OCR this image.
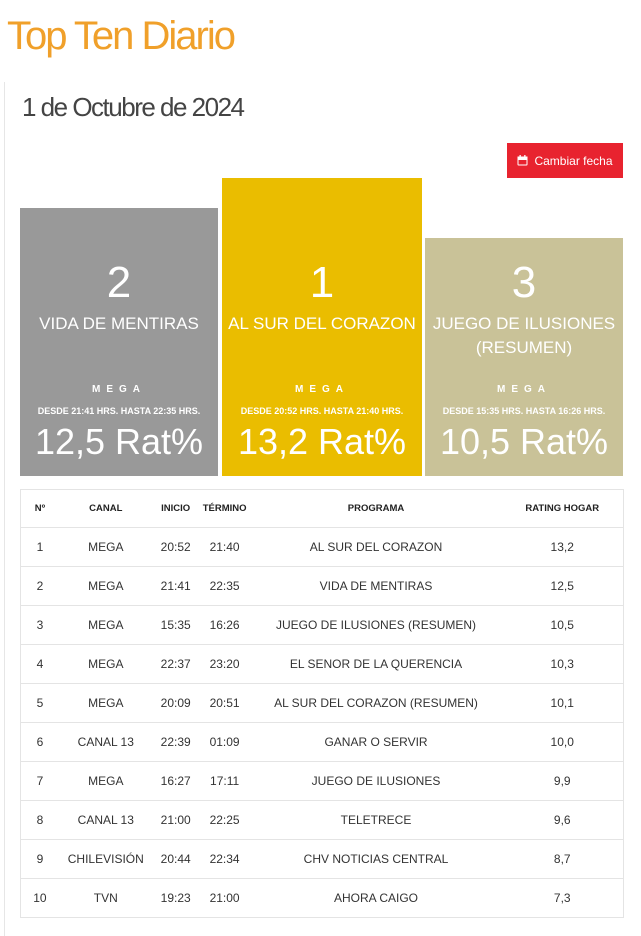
Top Ten Diario
1 de Octubre de 2024
Cambiar fecha
2
VIDA DE MENTIRAS
MEGA
DESDE 21:41 HRS. HASTA 22:35 HRS.
12,5 Rat%
1
AL SUR DEL CORAZON
MEGA
DESDE 20:52 HRS. HASTA 21:40 HRS.
13,2 Rat%
3
JUEGO DE ILUSIONES (RESUMEN)
MEGA
DESDE 15:35 HRS. HASTA 16:26 HRS.
10,5 Rat%
Nº	CANAL	INICIO	TÉRMINO	PROGRAMA	RATING HOGAR
1	MEGA	20:52	21:40	AL SUR DEL CORAZON	13,2
2	MEGA	21:41	22:35	VIDA DE MENTIRAS	12,5
3	MEGA	15:35	16:26	JUEGO DE ILUSIONES (RESUMEN)	10,5
4	MEGA	22:37	23:20	EL SENOR DE LA QUERENCIA	10,3
5	MEGA	20:09	20:51	AL SUR DEL CORAZON (RESUMEN)	10,1
6	CANAL 13	22:39	01:09	GANAR O SERVIR	10,0
7	MEGA	16:27	17:11	JUEGO DE ILUSIONES	9,9
8	CANAL 13	21:00	22:25	TELETRECE	9,6
9	CHILEVISIÓN	20:44	22:34	CHV NOTICIAS CENTRAL	8,7
10	TVN	19:23	21:00	AHORA CAIGO	7,3
